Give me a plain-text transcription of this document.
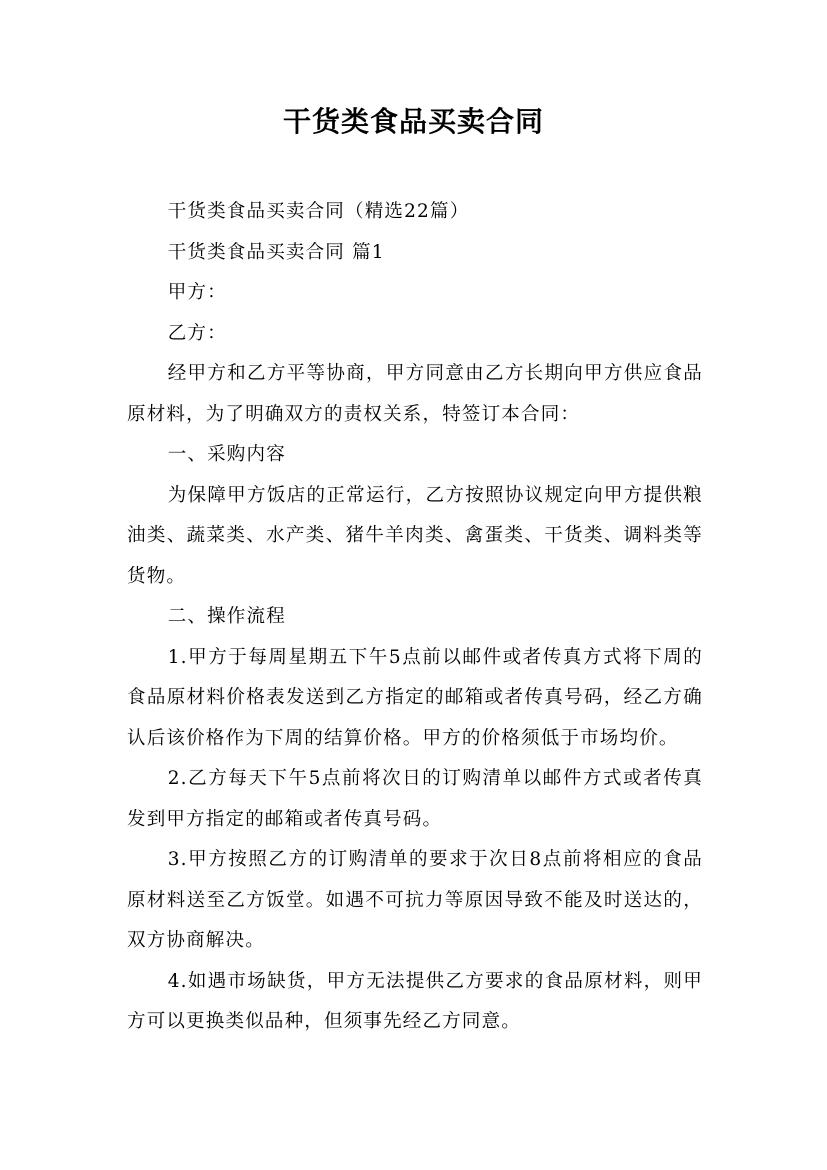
干货类食品买卖合同

干货类食品买卖合同（精选22篇）

干货类食品买卖合同 篇1

甲方：

乙方：

经甲方和乙方平等协商，甲方同意由乙方长期向甲方供应食品原材料，为了明确双方的责权关系，特签订本合同：

一、采购内容

为保障甲方饭店的正常运行，乙方按照协议规定向甲方提供粮油类、蔬菜类、水产类、猪牛羊肉类、禽蛋类、干货类、调料类等货物。

二、操作流程

1.甲方于每周星期五下午5点前以邮件或者传真方式将下周的食品原材料价格表发送到乙方指定的邮箱或者传真号码，经乙方确认后该价格作为下周的结算价格。甲方的价格须低于市场均价。

2.乙方每天下午5点前将次日的订购清单以邮件方式或者传真发到甲方指定的邮箱或者传真号码。

3.甲方按照乙方的订购清单的要求于次日8点前将相应的食品原材料送至乙方饭堂。如遇不可抗力等原因导致不能及时送达的，双方协商解决。

4.如遇市场缺货，甲方无法提供乙方要求的食品原材料，则甲方可以更换类似品种，但须事先经乙方同意。
